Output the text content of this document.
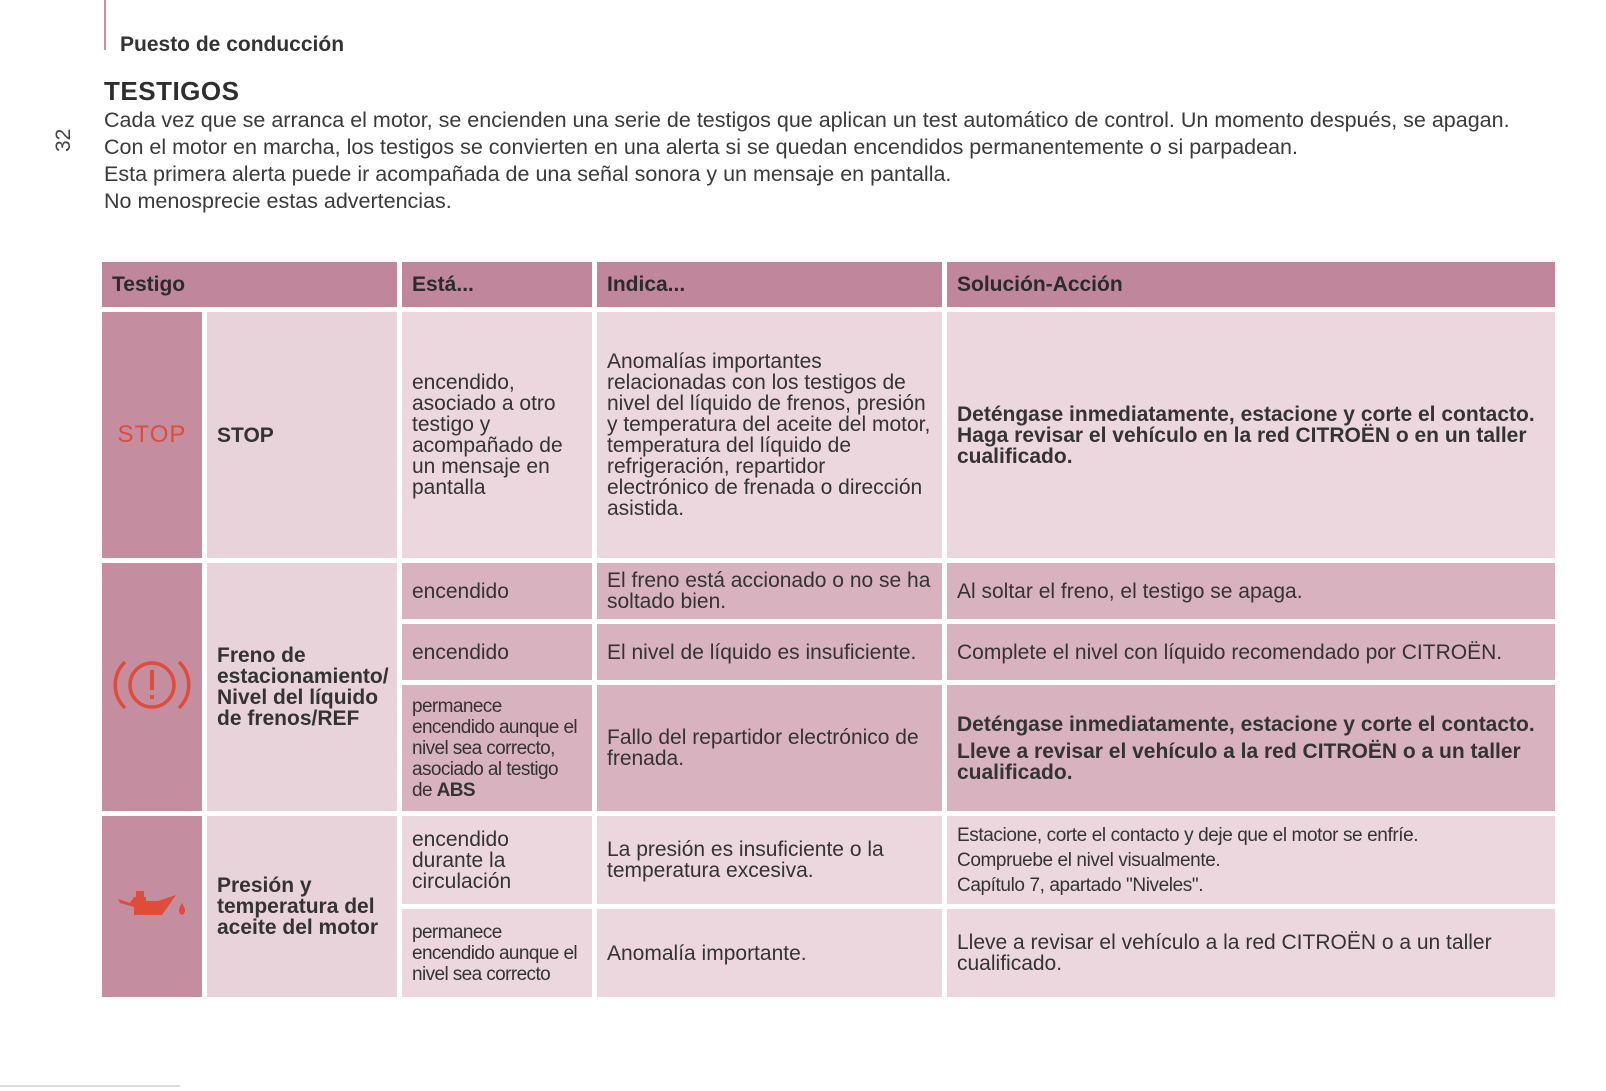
Puesto de conducción
32
TESTIGOS

Cada vez que se arranca el motor, se encienden una serie de testigos que aplican un test automático de control. Un momento después, se apagan.

Con el motor en marcha, los testigos se convierten en una alerta si se quedan encendidos permanentemente o si parpadean.

Esta primera alerta puede ir acompañada de una señal sonora y un mensaje en pantalla.

No menosprecie estas advertencias.

Testigo		Está...	Indica...	Solución-Acción
STOP	STOP	encendido, asociado a otro testigo y acompañado de un mensaje en pantalla	Anomalías importantes relacionadas con los testigos de nivel del líquido de frenos, presión y temperatura del aceite del motor, temperatura del líquido de refrigeración, repartidor electrónico de frenada o dirección asistida.	Deténgase inmediatamente, estacione y corte el contacto. Haga revisar el vehículo en la red CITROËN o en un taller cualificado.
	Freno de estacionamiento/ Nivel del líquido de frenos/REF	encendido	El freno está accionado o no se ha soltado bien.	Al soltar el freno, el testigo se apaga.
		encendido	El nivel de líquido es insuficiente.	Complete el nivel con líquido recomendado por CITROËN.
		permanece encendido aunque el nivel sea correcto, asociado al testigo de ABS	Fallo del repartidor electrónico de frenada.	Deténgase inmediatamente, estacione y corte el contacto.
Lleve a revisar el vehículo a la red CITROËN o a un taller cualificado.

	Presión y temperatura del aceite del motor	encendido durante la circulación	La presión es insuficiente o la temperatura excesiva.	Estacione, corte el contacto y deje que el motor se enfríe.
Compruebe el nivel visualmente.
Capítulo 7, apartado "Niveles".

		permanece encendido aunque el nivel sea correcto	Anomalía importante.	Lleve a revisar el vehículo a la red CITROËN o a un taller cualificado.
